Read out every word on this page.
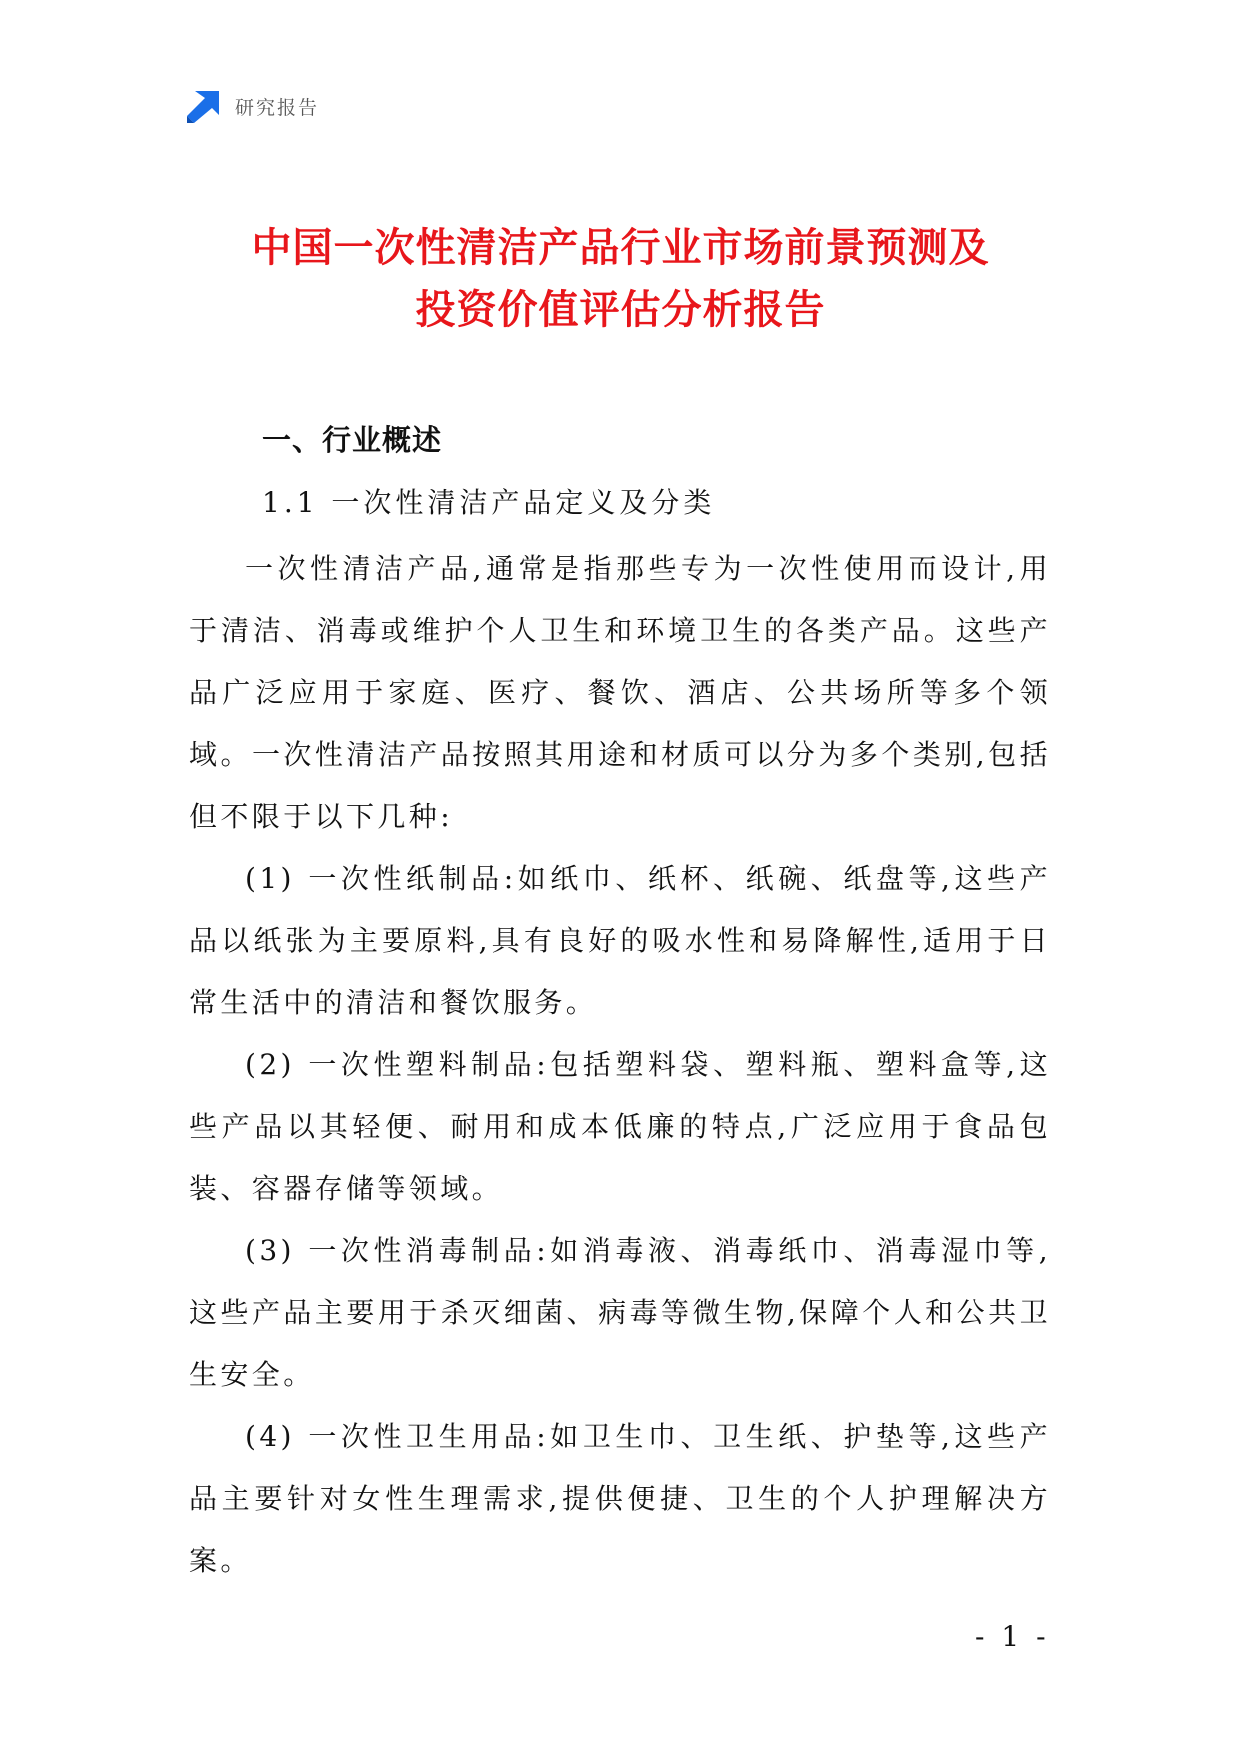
研究报告
中国一次性清洁产品行业市场前景预测及
投资价值评估分析报告
一、行业概述
1.1 一次性清洁产品定义及分类

一次性清洁产品,通常是指那些专为一次性使用而设计,用于清洁、消毒或维护个人卫生和环境卫生的各类产品。这些产品广泛应用于家庭、医疗、餐饮、酒店、公共场所等多个领域。一次性清洁产品按照其用途和材质可以分为多个类别,包括但不限于以下几种:

(1) 一次性纸制品:如纸巾、纸杯、纸碗、纸盘等,这些产品以纸张为主要原料,具有良好的吸水性和易降解性,适用于日常生活中的清洁和餐饮服务。

(2) 一次性塑料制品:包括塑料袋、塑料瓶、塑料盒等,这些产品以其轻便、耐用和成本低廉的特点,广泛应用于食品包装、容器存储等领域。

(3) 一次性消毒制品:如消毒液、消毒纸巾、消毒湿巾等,这些产品主要用于杀灭细菌、病毒等微生物,保障个人和公共卫生安全。

(4) 一次性卫生用品:如卫生巾、卫生纸、护垫等,这些产品主要针对女性生理需求,提供便捷、卫生的个人护理解决方案。

- 1 -
